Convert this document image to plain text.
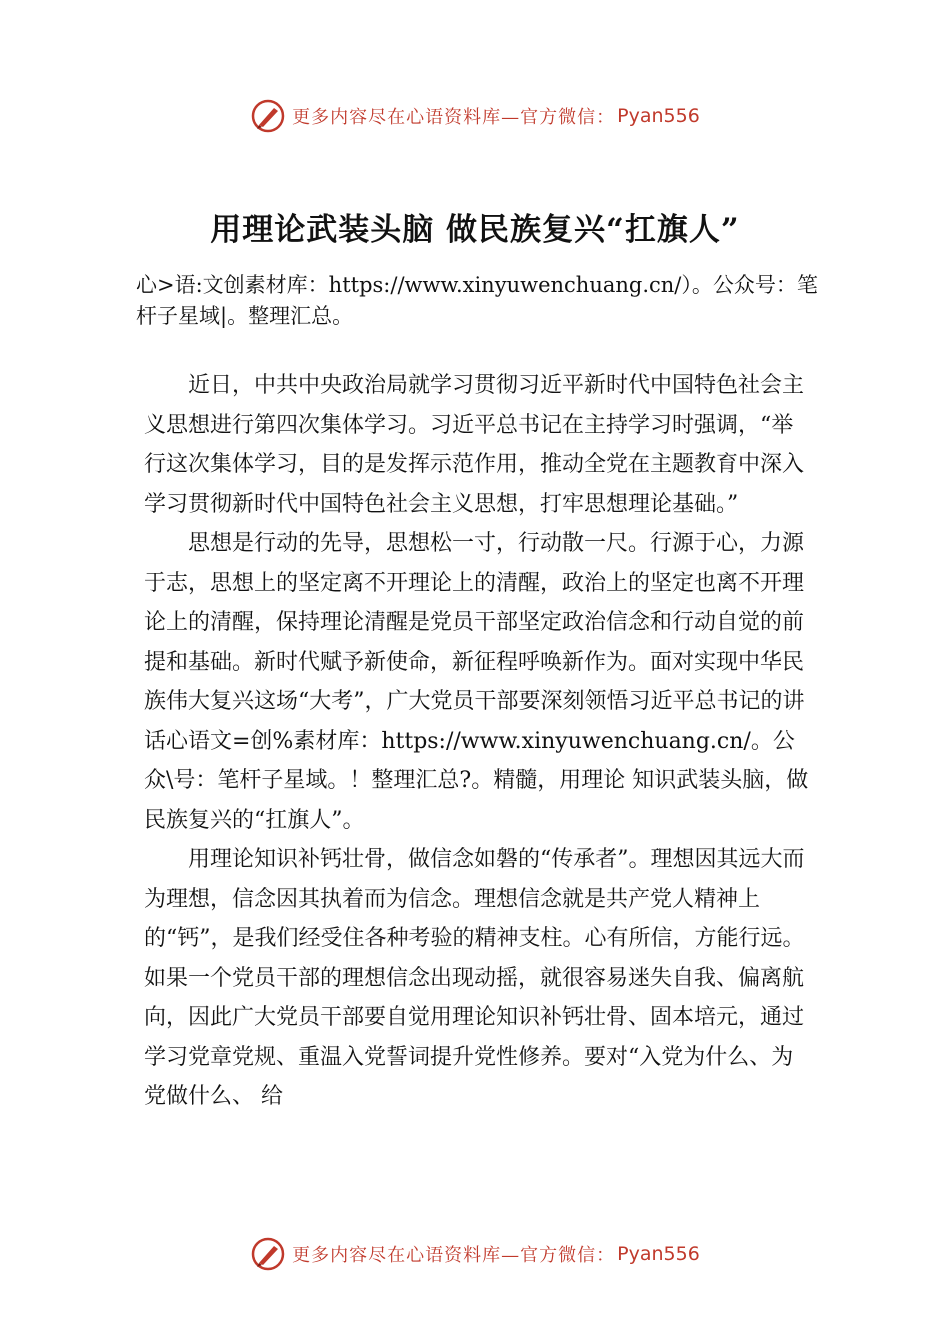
更多内容尽在心语资料库—官方微信： Pyan556
用理论武装头脑 做民族复兴“扛旗人”
心>语:文创素材库：https://www.xinyuwenchuang.cn/）。公众号：笔杆子星域|。整理汇总。

近日，中共中央政治局就学习贯彻习近平新时代中国特色社会主义思想进行第四次集体学习。习近平总书记在主持学习时强调，“举行这次集体学习，目的是发挥示范作用，推动全党在主题教育中深入学习贯彻新时代中国特色社会主义思想，打牢思想理论基础。”

思想是行动的先导，思想松一寸，行动散一尺。行源于心，力源于志，思想上的坚定离不开理论上的清醒，政治上的坚定也离不开理论上的清醒，保持理论清醒是党员干部坚定政治信念和行动自觉的前提和基础。新时代赋予新使命，新征程呼唤新作为。面对实现中华民族伟大复兴这场“大考”，广大党员干部要深刻领悟习近平总书记的讲话心语文=创%素材库：https://www.xinyuwenchuang.cn/。公众\号：笔杆子星域。！整理汇总?。精髓，用理论 知识武装头脑，做民族复兴的“扛旗人”。

用理论知识补钙壮骨，做信念如磐的“传承者”。理想因其远大而为理想，信念因其执着而为信念。理想信念就是共产党人精神上的“钙”，是我们经受住各种考验的精神支柱。心有所信，方能行远。如果一个党员干部的理想信念出现动摇，就很容易迷失自我、偏离航向，因此广大党员干部要自觉用理论知识补钙壮骨、固本培元，通过学习党章党规、重温入党誓词提升党性修养。要对“入党为什么、为党做什么、 给

更多内容尽在心语资料库—官方微信： Pyan556
